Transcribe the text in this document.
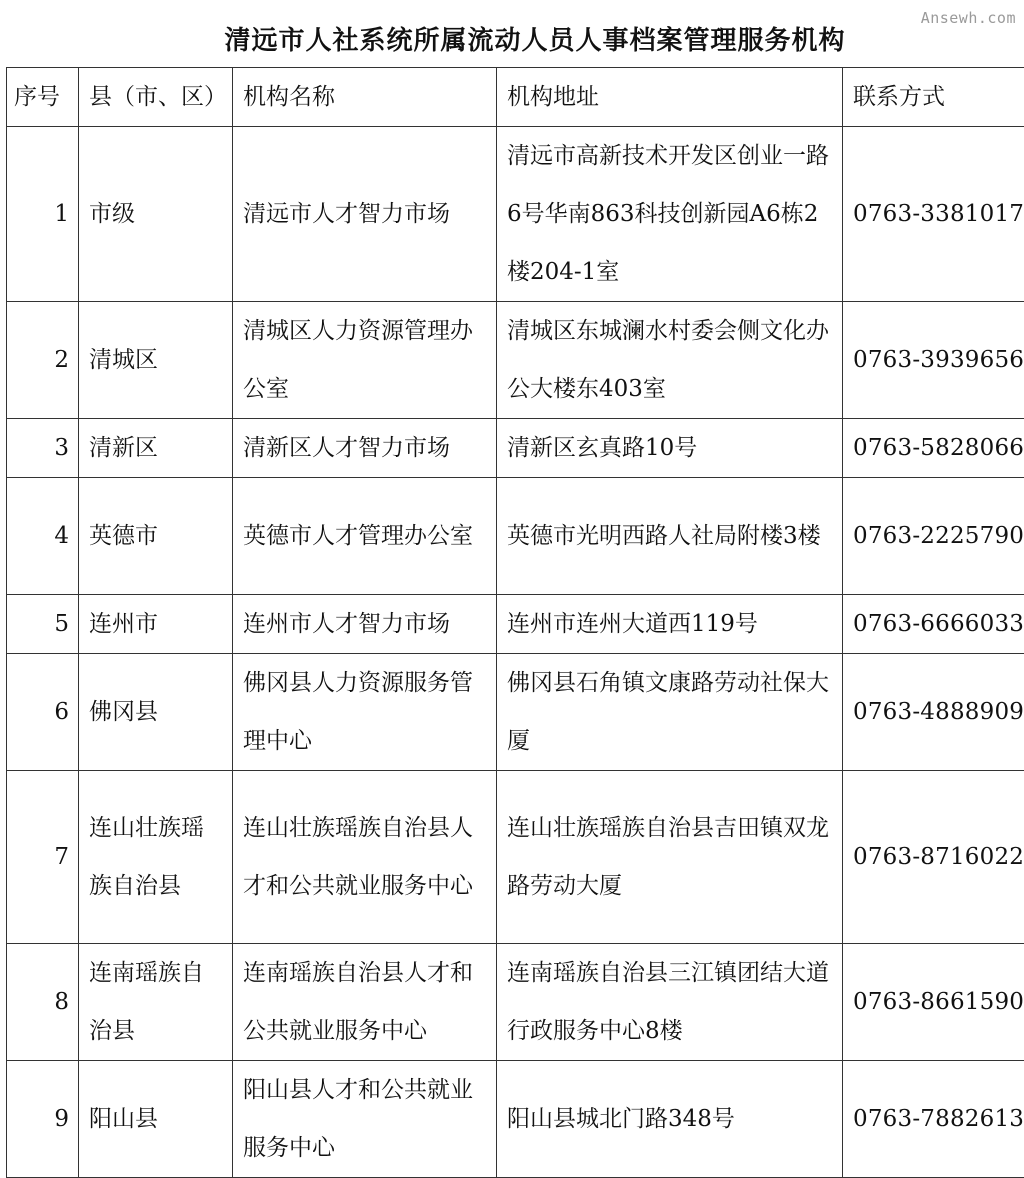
Ansewh.com
清远市人社系统所属流动人员人事档案管理服务机构
序号	县（市、区）	机构名称	机构地址	联系方式
1	市级	清远市人才智力市场	清远市高新技术开发区创业一路6号华南863科技创新园A6栋2楼204-1室	0763-3381017
2	清城区	清城区人力资源管理办公室	清城区东城澜水村委会侧文化办公大楼东403室	0763-3939656
3	清新区	清新区人才智力市场	清新区玄真路10号	0763-5828066
4	英德市	英德市人才管理办公室	英德市光明西路人社局附楼3楼	0763-2225790
5	连州市	连州市人才智力市场	连州市连州大道西119号	0763-6666033
6	佛冈县	佛冈县人力资源服务管理中心	佛冈县石角镇文康路劳动社保大厦	0763-4888909
7	连山壮族瑶族自治县	连山壮族瑶族自治县人才和公共就业服务中心	连山壮族瑶族自治县吉田镇双龙路劳动大厦	0763-8716022
8	连南瑶族自治县	连南瑶族自治县人才和公共就业服务中心	连南瑶族自治县三江镇团结大道行政服务中心8楼	0763-8661590
9	阳山县	阳山县人才和公共就业服务中心	阳山县城北门路348号	0763-7882613
